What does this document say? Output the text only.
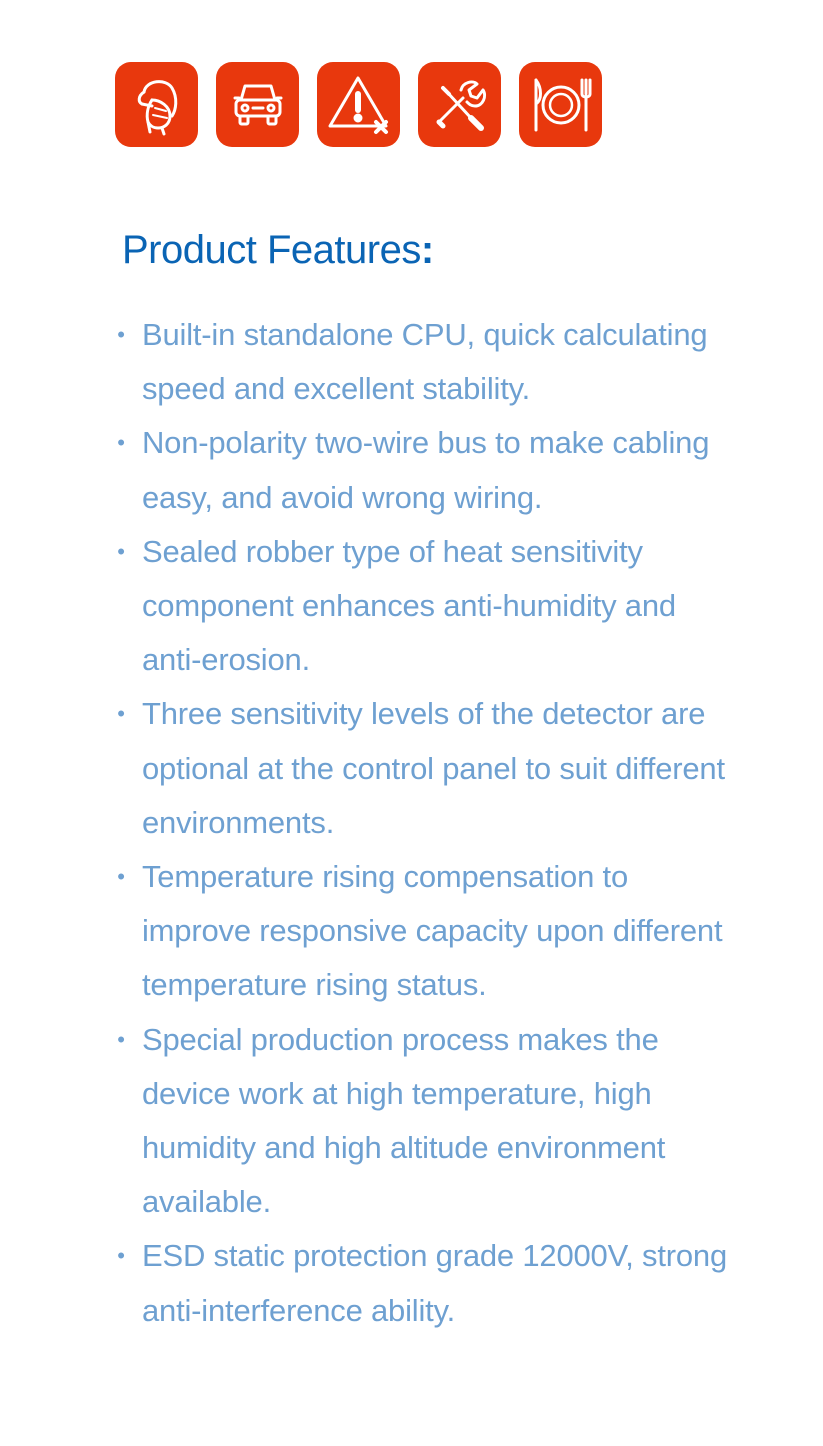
Product Features:
• Built-in standalone CPU, quick calculating speed and excellent stability.
• Non-polarity two-wire bus to make cabling easy, and avoid wrong wiring.
• Sealed robber type of heat sensitivity component enhances anti-humidity and anti-erosion.
• Three sensitivity levels of the detector are optional at the control panel to suit different environments.
• Temperature rising compensation to improve responsive capacity upon different temperature rising status.
• Special production process makes the device work at high temperature, high humidity and high altitude environment available.
• ESD static protection grade 12000V, strong anti-interference ability.
